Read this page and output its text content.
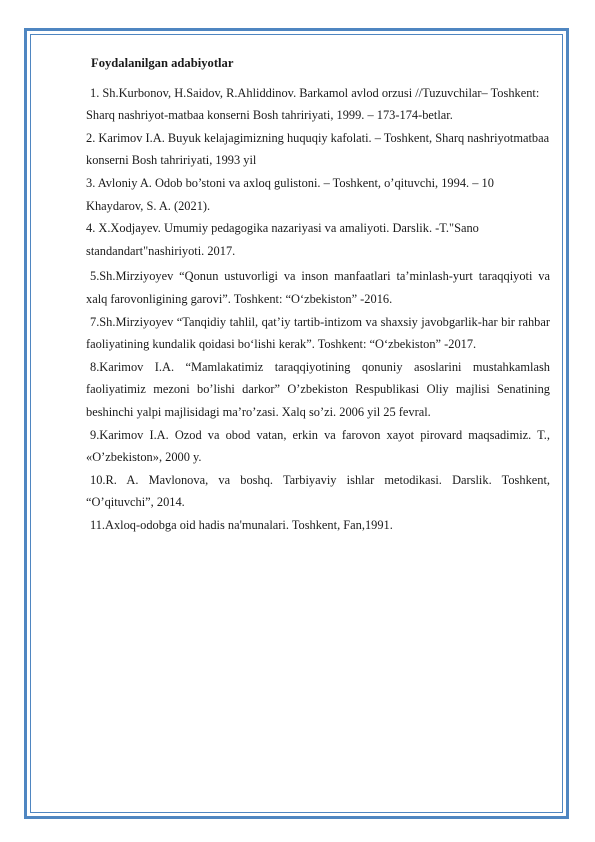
Foydalanilgan adabiyotlar

1. Sh.Kurbonov, H.Saidov, R.Ahliddinov. Barkamol avlod orzusi //Tuzuvchilar– Toshkent: Sharq nashriyot-matbaa konserni Bosh tahririyati, 1999. – 173-174-betlar.

2. Karimov I.A. Buyuk kelajagimizning huquqiy kafolati. – Toshkent, Sharq nashriyotmatbaa konserni Bosh tahririyati, 1993 yil

3. Avloniy A. Odob bo’stoni va axloq gulistoni. – Toshkent, o’qituvchi, 1994. – 10 Khaydarov, S. A. (2021).

4. X.Xodjayev. Umumiy pedagogika nazariyasi va amaliyoti. Darslik. -T."Sano standandart"nashiriyoti. 2017.

5.Sh.Mirziyoyev “Qonun ustuvorligi va inson manfaatlari ta’minlash-yurt taraqqiyoti va xalq farovonligining garovi”. Toshkent: “O‘zbekiston” -2016.

7.Sh.Mirziyoyev “Tanqidiy tahlil, qat’iy tartib-intizom va shaxsiy javobgarlik-har bir rahbar faoliyatining kundalik qoidasi bo‘lishi kerak”. Toshkent: “O‘zbekiston” -2017.

8.Karimov I.A. “Mamlakatimiz taraqqiyotining qonuniy asoslarini mustahkamlash faoliyatimiz mezoni bo’lishi darkor” O’zbekiston Respublikasi Oliy majlisi Senatining beshinchi yalpi majlisidagi ma’ro’zasi. Xalq so’zi. 2006 yil 25 fevral.

9.Karimov I.A. Ozod va obod vatan, erkin va farovon xayot pirovard maqsadimiz. T., «O’zbekiston», 2000 y.

10.R. A. Mavlonova, va boshq. Tarbiyaviy ishlar metodikasi. Darslik. Toshkent, “O’qituvchi”, 2014.

11.Axloq-odobga oid hadis na'munalari. Toshkent, Fan,1991.
